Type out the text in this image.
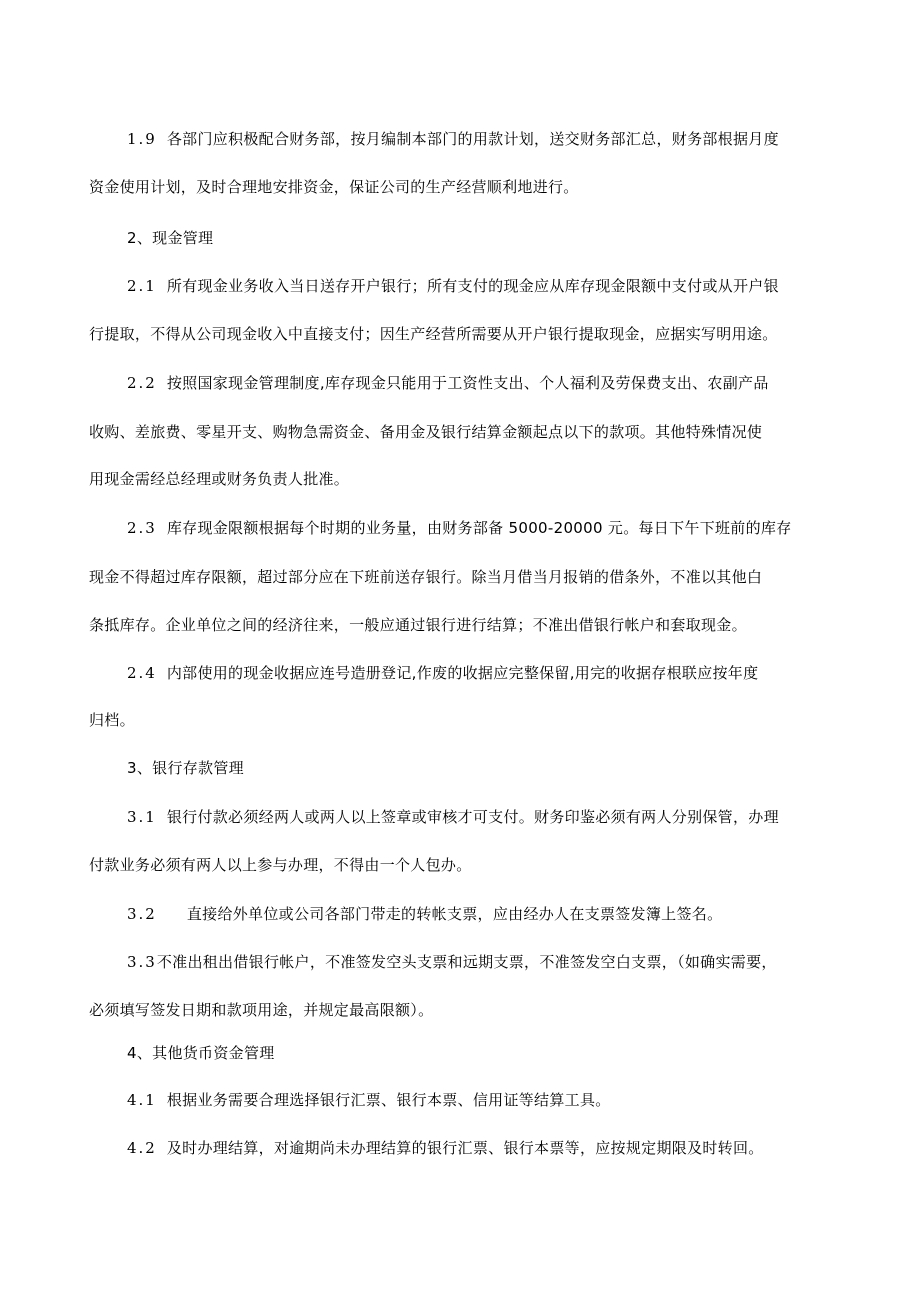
1.9 各部门应积极配合财务部，按月编制本部门的用款计划，送交财务部汇总，财务部根据月度
资金使用计划，及时合理地安排资金，保证公司的生产经营顺利地进行。
2、现金管理
2.1 所有现金业务收入当日送存开户银行；所有支付的现金应从库存现金限额中支付或从开户银
行提取，不得从公司现金收入中直接支付；因生产经营所需要从开户银行提取现金，应据实写明用途。
2.2 按照国家现金管理制度,库存现金只能用于工资性支出、个人福利及劳保费支出、农副产品
收购、差旅费、零星开支、购物急需资金、备用金及银行结算金额起点以下的款项。其他特殊情况使
用现金需经总经理或财务负责人批准。
2.3 库存现金限额根据每个时期的业务量，由财务部备 5000-20000 元。每日下午下班前的库存
现金不得超过库存限额，超过部分应在下班前送存银行。除当月借当月报销的借条外，不准以其他白
条抵库存。企业单位之间的经济往来，一般应通过银行进行结算；不准出借银行帐户和套取现金。
2.4 内部使用的现金收据应连号造册登记,作废的收据应完整保留,用完的收据存根联应按年度
归档。
3、银行存款管理
3.1 银行付款必须经两人或两人以上签章或审核才可支付。财务印鉴必须有两人分别保管，办理
付款业务必须有两人以上参与办理，不得由一个人包办。
3.2 直接给外单位或公司各部门带走的转帐支票，应由经办人在支票签发簿上签名。
3.3不准出租出借银行帐户，不准签发空头支票和远期支票，不准签发空白支票，（如确实需要，
必须填写签发日期和款项用途，并规定最高限额）。
4、其他货币资金管理
4.1 根据业务需要合理选择银行汇票、银行本票、信用证等结算工具。
4.2 及时办理结算，对逾期尚未办理结算的银行汇票、银行本票等，应按规定期限及时转回。
